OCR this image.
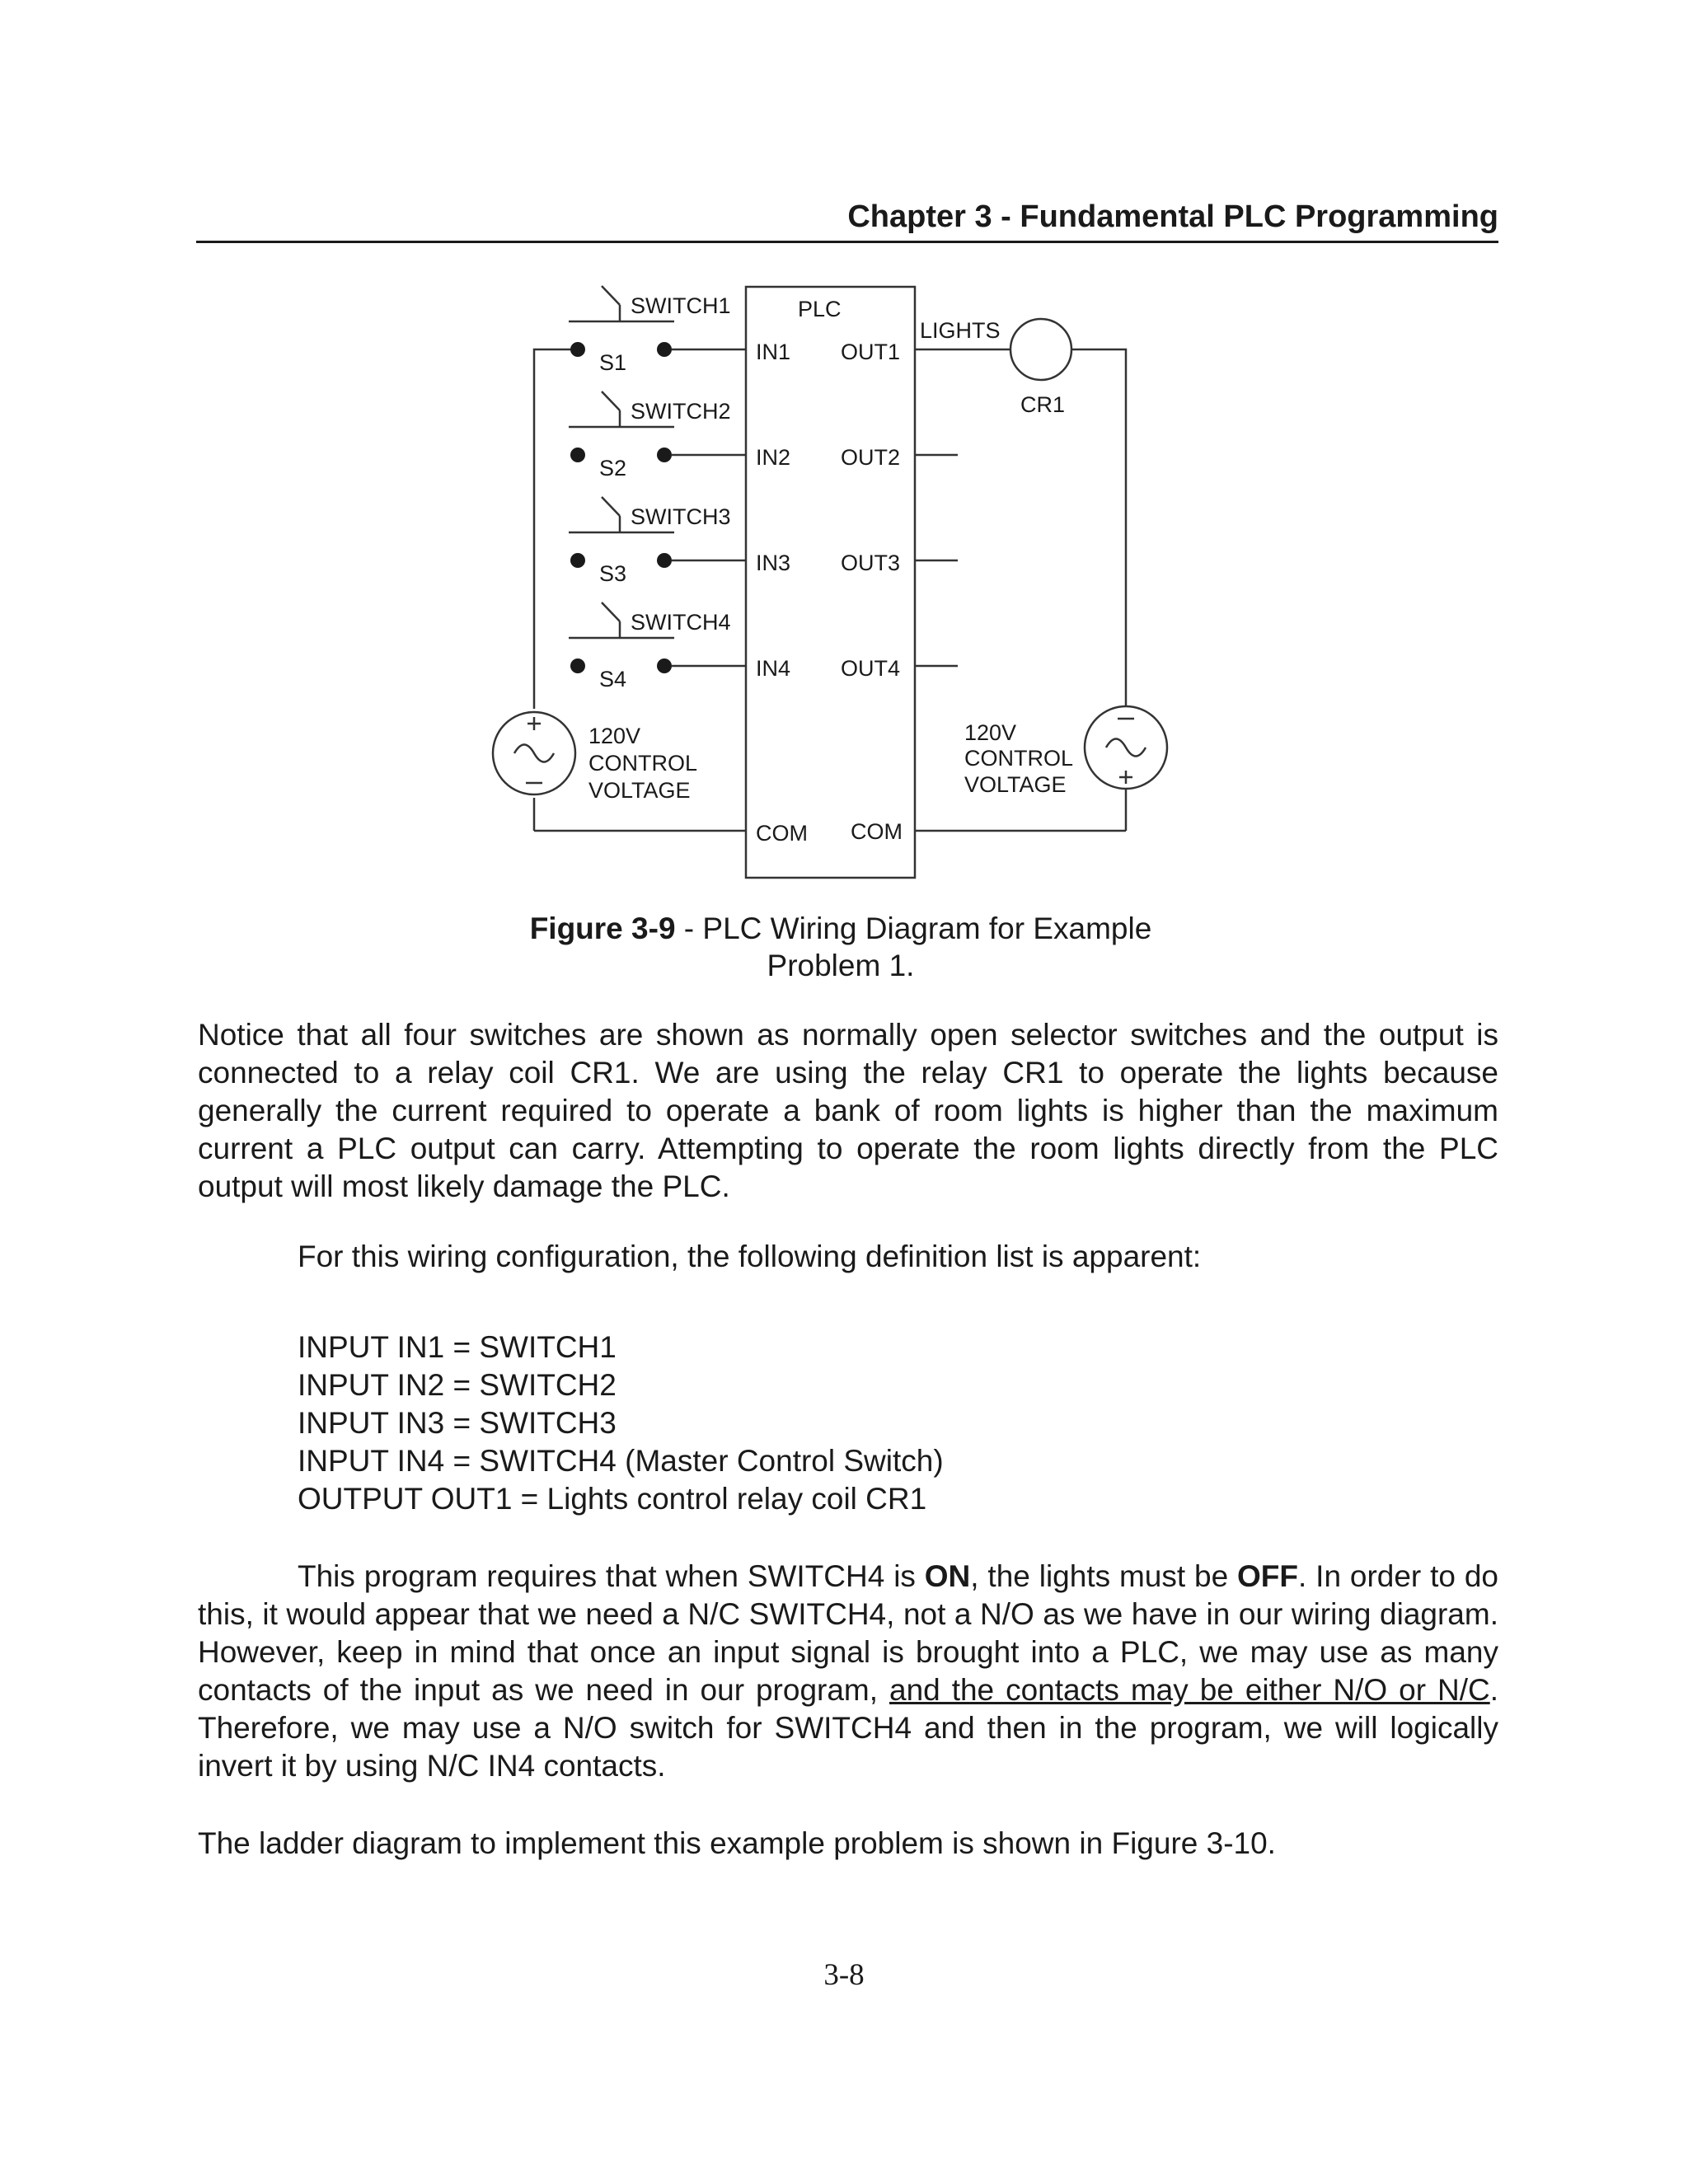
Chapter 3 - Fundamental PLC Programming
SWITCH1
S1
SWITCH2
S2
SWITCH3
S3
SWITCH4
S4
PLC
LIGHTS
CR1
IN1
IN2
IN3
IN4
OUT1
OUT2
OUT3
OUT4
COM COM
120V
CONTROL
VOLTAGE
120V
CONTROL
VOLTAGE
Figure 3-9 - PLC Wiring Diagram for Example
Problem 1.

Notice that all four switches are shown as normally open selector switches and the output is connected to a relay coil CR1. We are using the relay CR1 to operate the lights because generally the current required to operate a bank of room lights is higher than the maximum current a PLC output can carry. Attempting to operate the room lights directly from the PLC output will most likely damage the PLC.

For this wiring configuration, the following definition list is apparent:
INPUT IN1 = SWITCH1
INPUT IN2 = SWITCH2
INPUT IN3 = SWITCH3
INPUT IN4 = SWITCH4 (Master Control Switch)
OUTPUT OUT1 = Lights control relay coil CR1

This program requires that when SWITCH4 is ON, the lights must be OFF. In order to do this, it would appear that we need a N/C SWITCH4, not a N/O as we have in our wiring diagram. However, keep in mind that once an input signal is brought into a PLC, we may use as many contacts of the input as we need in our program, and the contacts may be either N/O or N/C. Therefore, we may use a N/O switch for SWITCH4 and then in the program, we will logically invert it by using N/C IN4 contacts.

The ladder diagram to implement this example problem is shown in Figure 3-10.

3-8
